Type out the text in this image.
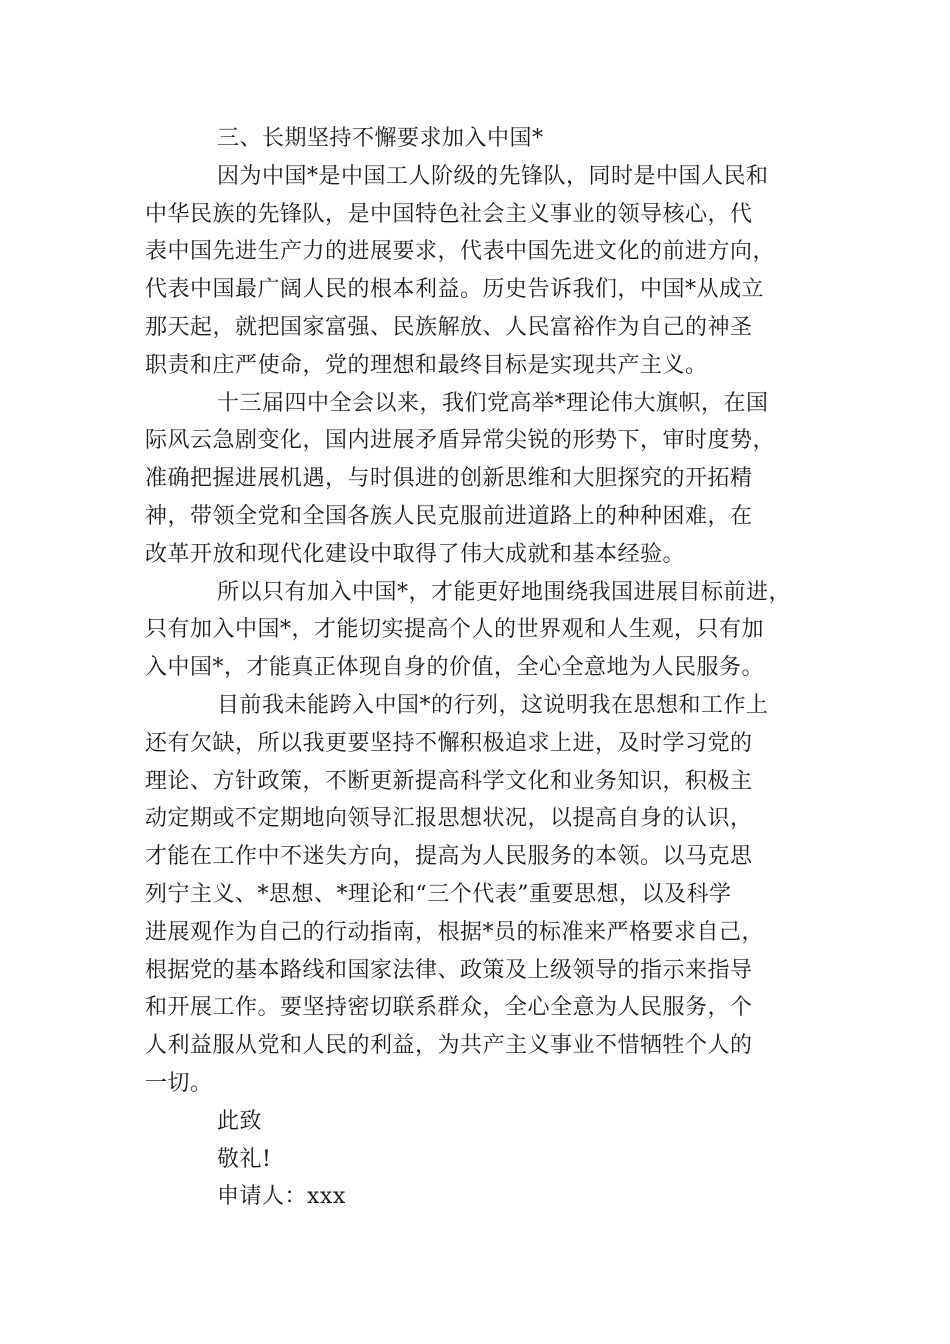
三、长期坚持不懈要求加入中国*
因为中国*是中国工人阶级的先锋队，同时是中国人民和
中华民族的先锋队，是中国特色社会主义事业的领导核心，代
表中国先进生产力的进展要求，代表中国先进文化的前进方向，
代表中国最广阔人民的根本利益。历史告诉我们，中国*从成立
那天起，就把国家富强、民族解放、人民富裕作为自己的神圣
职责和庄严使命，党的理想和最终目标是实现共产主义。
十三届四中全会以来，我们党高举*理论伟大旗帜，在国
际风云急剧变化，国内进展矛盾异常尖锐的形势下，审时度势，
准确把握进展机遇，与时俱进的创新思维和大胆探究的开拓精
神，带领全党和全国各族人民克服前进道路上的种种困难，在
改革开放和现代化建设中取得了伟大成就和基本经验。
所以只有加入中国*，才能更好地围绕我国进展目标前进，
只有加入中国*，才能切实提高个人的世界观和人生观，只有加
入中国*，才能真正体现自身的价值，全心全意地为人民服务。
目前我未能跨入中国*的行列，这说明我在思想和工作上
还有欠缺，所以我更要坚持不懈积极追求上进，及时学习党的
理论、方针政策，不断更新提高科学文化和业务知识，积极主
动定期或不定期地向领导汇报思想状况，以提高自身的认识，
才能在工作中不迷失方向，提高为人民服务的本领。以马克思
列宁主义、*思想、*理论和“三个代表”重要思想，以及科学
进展观作为自己的行动指南，根据*员的标准来严格要求自己，
根据党的基本路线和国家法律、政策及上级领导的指示来指导
和开展工作。要坚持密切联系群众，全心全意为人民服务，个
人利益服从党和人民的利益，为共产主义事业不惜牺牲个人的
一切。
此致
敬礼!
申请人：xxx
